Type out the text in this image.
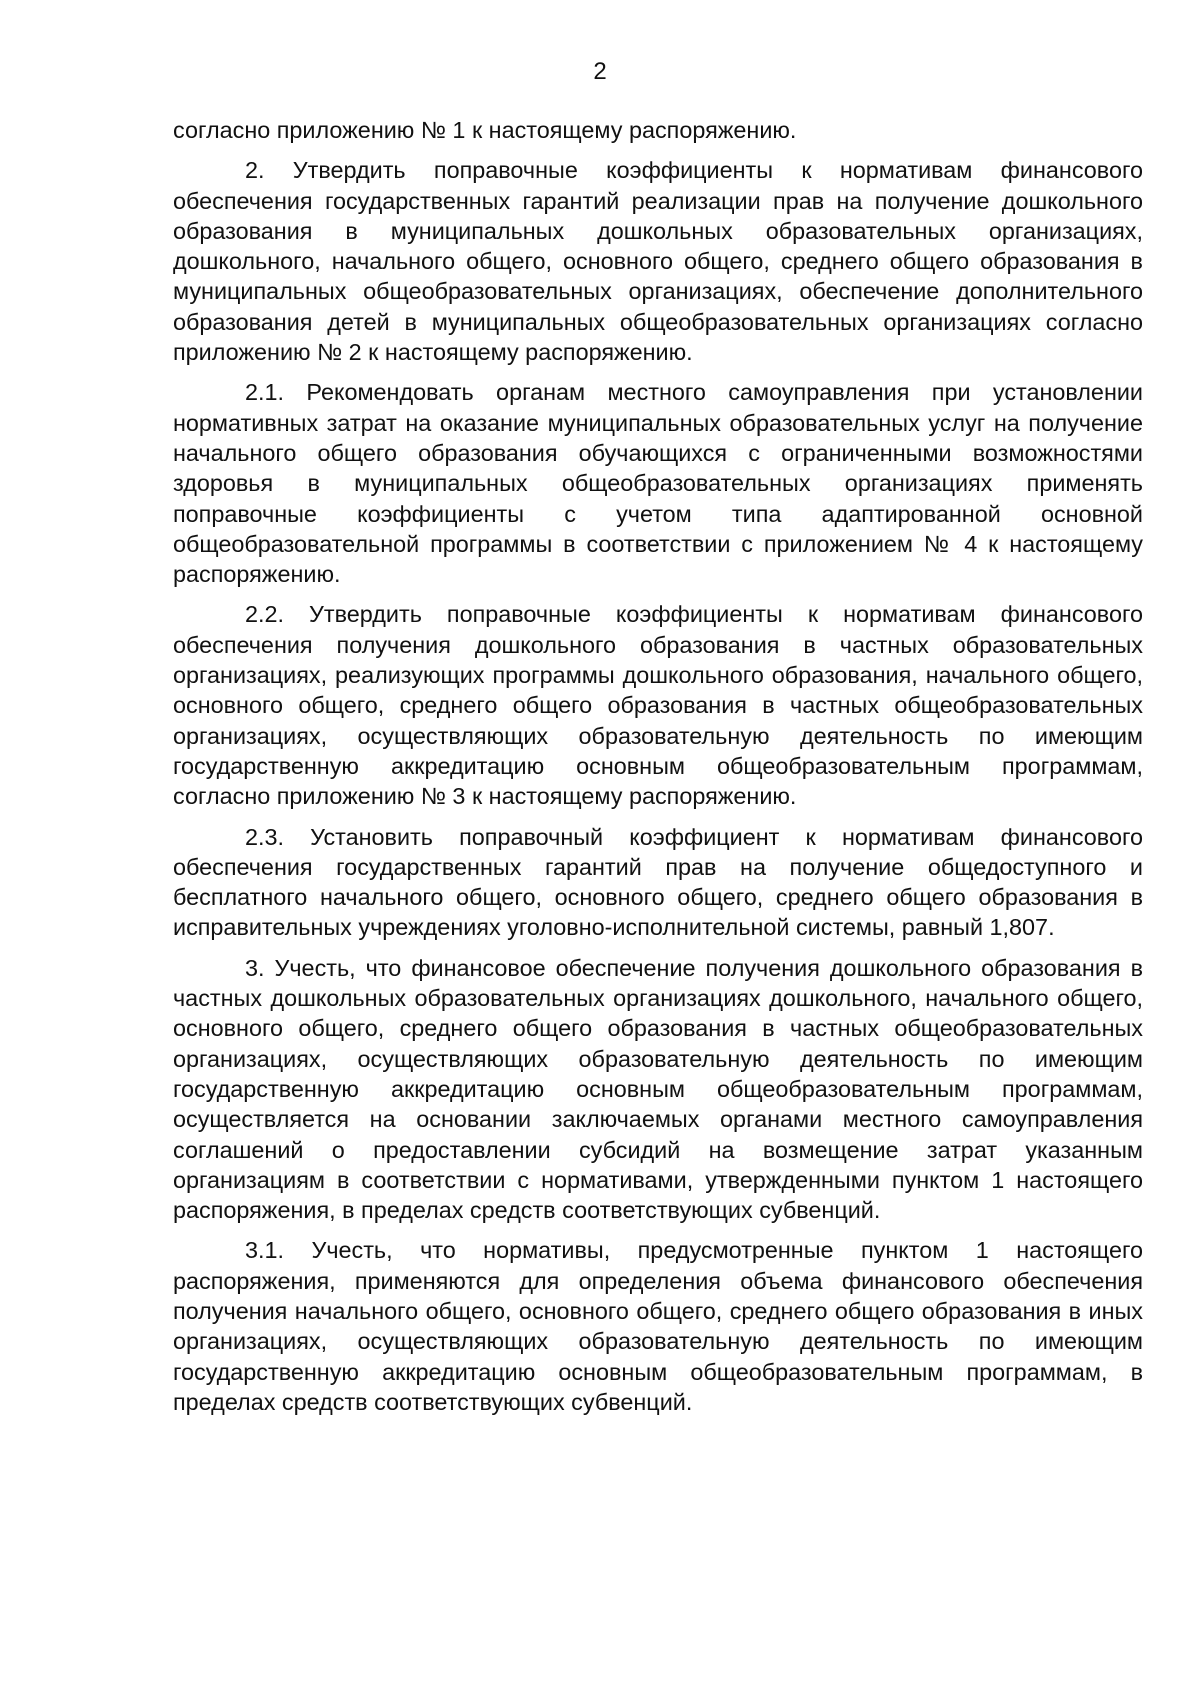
2

согласно приложению № 1 к настоящему распоряжению.

2. Утвердить поправочные коэффициенты к нормативам финансового обеспечения государственных гарантий реализации прав на получение дошкольного образования в муниципальных дошкольных образовательных организациях, дошкольного, начального общего, основного общего, среднего общего образования в муниципальных общеобразовательных организациях, обеспечение дополнительного образования детей в муниципальных общеобразовательных организациях согласно приложению № 2 к настоящему распоряжению.

2.1. Рекомендовать органам местного самоуправления при установлении нормативных затрат на оказание муниципальных образовательных услуг на получение начального общего образования обучающихся с ограниченными возможностями здоровья в муниципальных общеобразовательных организациях применять поправочные коэффициенты с учетом типа адаптированной основной общеобразовательной программы в соответствии с приложением № 4 к настоящему распоряжению.

2.2. Утвердить поправочные коэффициенты к нормативам финансового обеспечения получения дошкольного образования в частных образовательных организациях, реализующих программы дошкольного образования, начального общего, основного общего, среднего общего образования в частных общеобразовательных организациях, осуществляющих образовательную деятельность по имеющим государственную аккредитацию основным общеобразовательным программам, согласно приложению № 3 к настоящему распоряжению.

2.3. Установить поправочный коэффициент к нормативам финансового обеспечения государственных гарантий прав на получение общедоступного и бесплатного начального общего, основного общего, среднего общего образования в исправительных учреждениях уголовно-исполнительной системы, равный 1,807.

3. Учесть, что финансовое обеспечение получения дошкольного образования в частных дошкольных образовательных организациях дошкольного, начального общего, основного общего, среднего общего образования в частных общеобразовательных организациях, осуществляющих образовательную деятельность по имеющим государственную аккредитацию основным общеобразовательным программам, осуществляется на основании заключаемых органами местного самоуправления соглашений о предоставлении субсидий на возмещение затрат указанным организациям в соответствии с нормативами, утвержденными пунктом 1 настоящего распоряжения, в пределах средств соответствующих субвенций.

3.1. Учесть, что нормативы, предусмотренные пунктом 1 настоящего распоряжения, применяются для определения объема финансового обеспечения получения начального общего, основного общего, среднего общего образования в иных организациях, осуществляющих образовательную деятельность по имеющим государственную аккредитацию основным общеобразовательным программам, в пределах средств соответствующих субвенций.
